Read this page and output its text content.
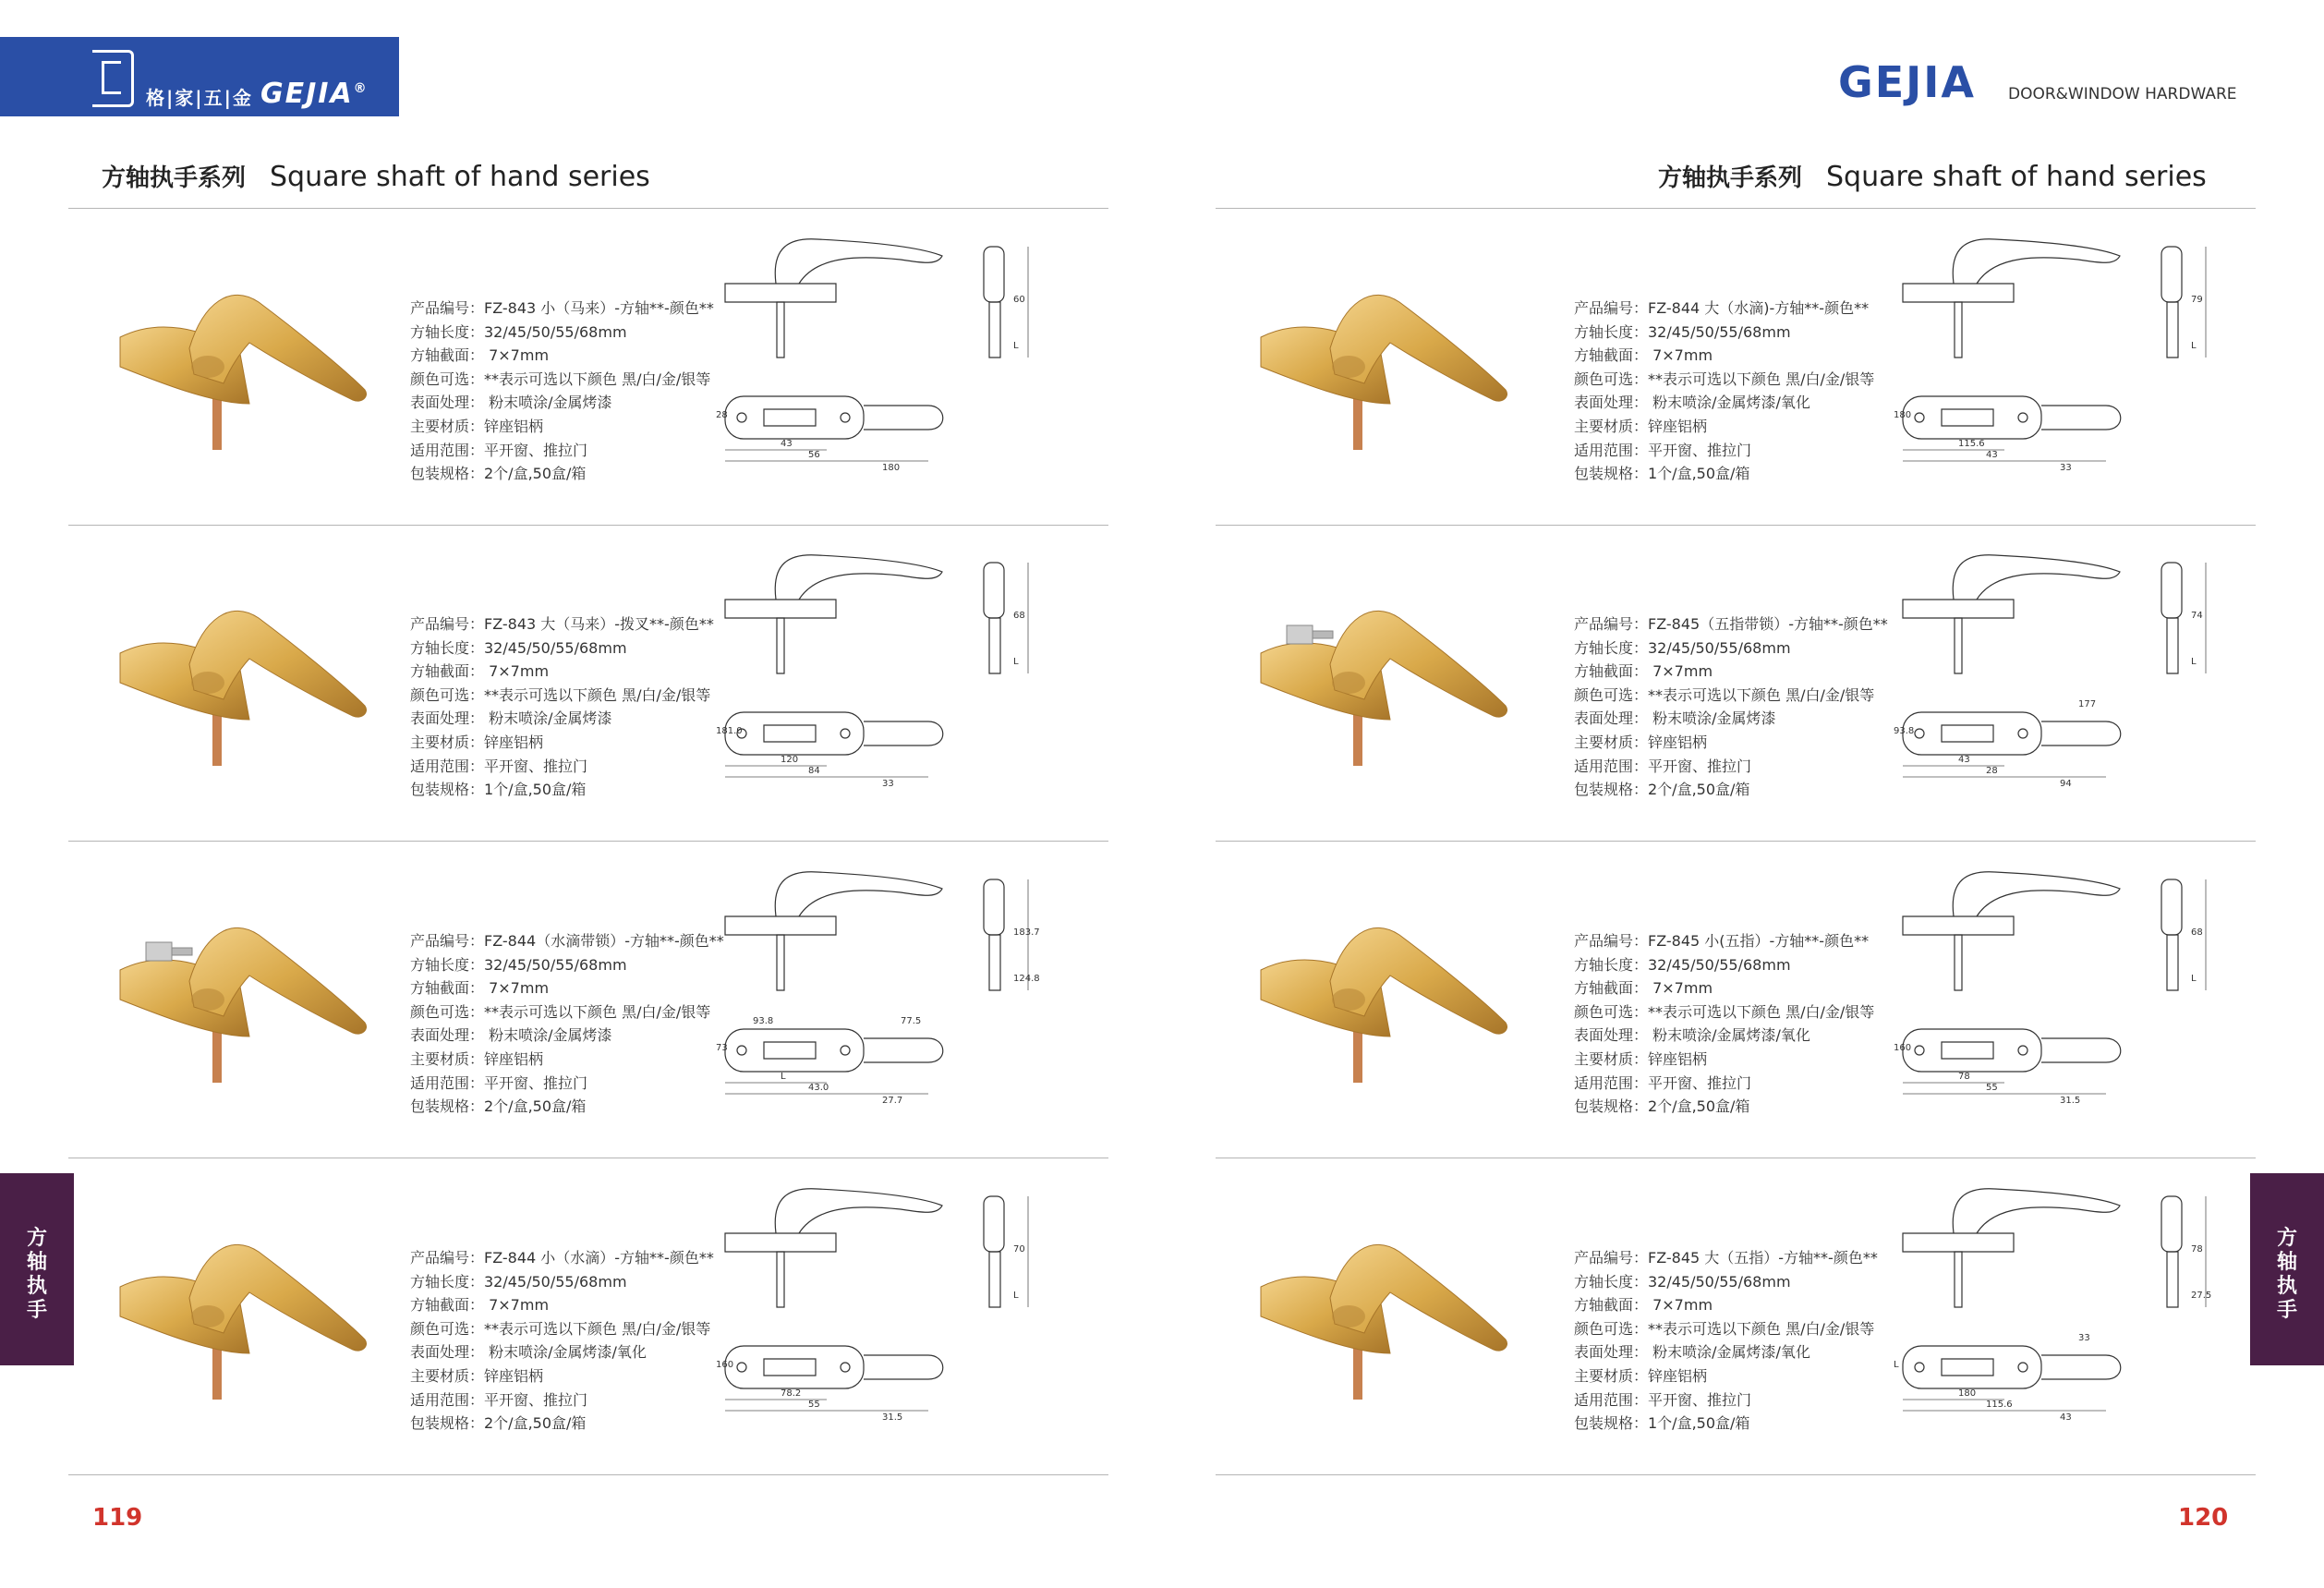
格|家|五|金 GEJIA®	GEJIA DOOR&WINDOW HARDWARE
方轴执手系列 Square shaft of hand series	方轴执手系列 Square shaft of hand series
产品编号：FZ-843 小（马来）-方轴**-颜色**
方轴长度：32/45/50/55/68mm
方轴截面： 7×7mm
颜色可选：**表示可选以下颜色 黑/白/金/银等
表面处理： 粉末喷涂/金属烤漆
主要材质：锌座铝柄
适用范围：平开窗、推拉门
包装规格：2个/盒,50盒/箱
60
L
28
43
56
180
产品编号：FZ-843 大（马来）-拨叉**-颜色**
方轴长度：32/45/50/55/68mm
方轴截面： 7×7mm
颜色可选：**表示可选以下颜色 黑/白/金/银等
表面处理： 粉末喷涂/金属烤漆
主要材质：锌座铝柄
适用范围：平开窗、推拉门
包装规格：1个/盒,50盒/箱
68
L
181.0
120
84
33
产品编号：FZ-844（水滴带锁）-方轴**-颜色**
方轴长度：32/45/50/55/68mm
方轴截面： 7×7mm
颜色可选：**表示可选以下颜色 黑/白/金/银等
表面处理： 粉末喷涂/金属烤漆
主要材质：锌座铝柄
适用范围：平开窗、推拉门
包装规格：2个/盒,50盒/箱
183.7
124.8
73
L
43.0
27.7
77.5
93.8
产品编号：FZ-844 小（水滴）-方轴**-颜色**
方轴长度：32/45/50/55/68mm
方轴截面： 7×7mm
颜色可选：**表示可选以下颜色 黑/白/金/银等
表面处理： 粉末喷涂/金属烤漆/氧化
主要材质：锌座铝柄
适用范围：平开窗、推拉门
包装规格：2个/盒,50盒/箱
70
L
160
78.2
55
31.5
产品编号：FZ-844 大（水滴)-方轴**-颜色**
方轴长度：32/45/50/55/68mm
方轴截面： 7×7mm
颜色可选：**表示可选以下颜色 黑/白/金/银等
表面处理： 粉末喷涂/金属烤漆/氧化
主要材质：锌座铝柄
适用范围：平开窗、推拉门
包装规格：1个/盒,50盒/箱
79
L
180
115.6
43
33
产品编号：FZ-845（五指带锁）-方轴**-颜色**
方轴长度：32/45/50/55/68mm
方轴截面： 7×7mm
颜色可选：**表示可选以下颜色 黑/白/金/银等
表面处理： 粉末喷涂/金属烤漆
主要材质：锌座铝柄
适用范围：平开窗、推拉门
包装规格：2个/盒,50盒/箱
74
L
93.8
43
28
94
177
产品编号：FZ-845 小(五指）-方轴**-颜色**
方轴长度：32/45/50/55/68mm
方轴截面： 7×7mm
颜色可选：**表示可选以下颜色 黑/白/金/银等
表面处理： 粉末喷涂/金属烤漆/氧化
主要材质：锌座铝柄
适用范围：平开窗、推拉门
包装规格：2个/盒,50盒/箱
68
L
160
78
55
31.5
产品编号：FZ-845 大（五指）-方轴**-颜色**
方轴长度：32/45/50/55/68mm
方轴截面： 7×7mm
颜色可选：**表示可选以下颜色 黑/白/金/银等
表面处理： 粉末喷涂/金属烤漆/氧化
主要材质：锌座铝柄
适用范围：平开窗、推拉门
包装规格：1个/盒,50盒/箱
78
27.5
L
180
115.6
43
33
方轴执手
方轴执手
119	120
